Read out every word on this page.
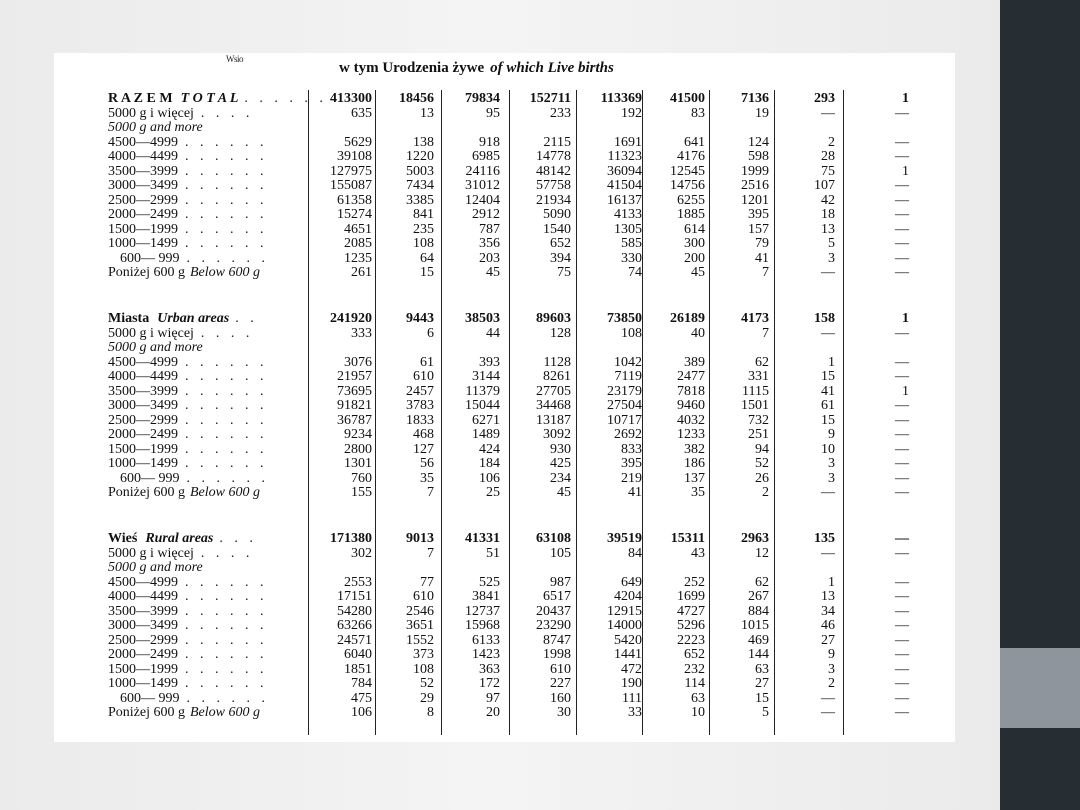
Wsio
w tym Urodzenia żywe of which Live births
R A Z E M T O T A L . . . . . . 413300 18456 79834 152711 113369 41500	7136	293	1
5000 g i więcej . . . .	635	13	95	233	192	83	19	—	—
5000 g and more
4500—4999 . . . . . .	5629	138	918	2115	1691	641	124	2	—
4000—4499 . . . . . .	39108 1220	6985	14778	11323	4176	598	28	—
3500—3999 . . . . . .	127975 5003 24116	48142	36094 12545	1999	75	1
3000—3499 . . . . . .	155087 7434 31012	57758	41504 14756	2516	107	—
2500—2999 . . . . . .	61358 3385 12404	21934	16137	6255	1201	42	—
2000—2499 . . . . . .	15274	841	2912	5090	4133	1885	395	18	—
1500—1999 . . . . . .	4651	235	787	1540	1305	614	157	13	—
1000—1499 . . . . . .	2085	108	356	652	585	300	79	5	—
600— 999 . . . . . .	1235	64	203	394	330	200	41	3	—
Poniżej 600 g Below 600 g	261	15	45	75	74	45	7	—	—
Miasta Urban areas . .	241920 9443 38503	89603	73850 26189	4173	158	1
5000 g i więcej . . . .	333	6	44	128	108	40	7	—	—
5000 g and more
4500—4999 . . . . . .	3076	61	393	1128	1042	389	62	1	—
4000—4499 . . . . . .	21957	610	3144	8261	7119	2477	331	15	—
3500—3999 . . . . . .	73695 2457 11379	27705	23179	7818	1115	41	1
3000—3499 . . . . . .	91821 3783 15044	34468	27504	9460	1501	61	—
2500—2999 . . . . . .	36787 1833	6271	13187	10717	4032	732	15	—
2000—2499 . . . . . .	9234	468	1489	3092	2692	1233	251	9	—
1500—1999 . . . . . .	2800	127	424	930	833	382	94	10	—
1000—1499 . . . . . .	1301	56	184	425	395	186	52	3	—
600— 999 . . . . . .	760	35	106	234	219	137	26	3	—
Poniżej 600 g Below 600 g	155	7	25	45	41	35	2	—	—
Wieś Rural areas . . .	171380 9013 41331	63108	39519 15311	2963	135	—
5000 g i więcej . . . .	302	7	51	105	84	43	12	—	—
5000 g and more
4500—4999 . . . . . .	2553	77	525	987	649	252	62	1	—
4000—4499 . . . . . .	17151	610	3841	6517	4204	1699	267	13	—
3500—3999 . . . . . .	54280 2546 12737	20437	12915	4727	884	34	—
3000—3499 . . . . . .	63266 3651 15968	23290	14000	5296	1015	46	—
2500—2999 . . . . . .	24571 1552	6133	8747	5420	2223	469	27	—
2000—2499 . . . . . .	6040	373	1423	1998	1441	652	144	9	—
1500—1999 . . . . . .	1851	108	363	610	472	232	63	3	—
1000—1499 . . . . . .	784	52	172	227	190	114	27	2	—
600— 999 . . . . . .	475	29	97	160	111	63	15	—	—
Poniżej 600 g Below 600 g	106	8	20	30	33	10	5	—	—
